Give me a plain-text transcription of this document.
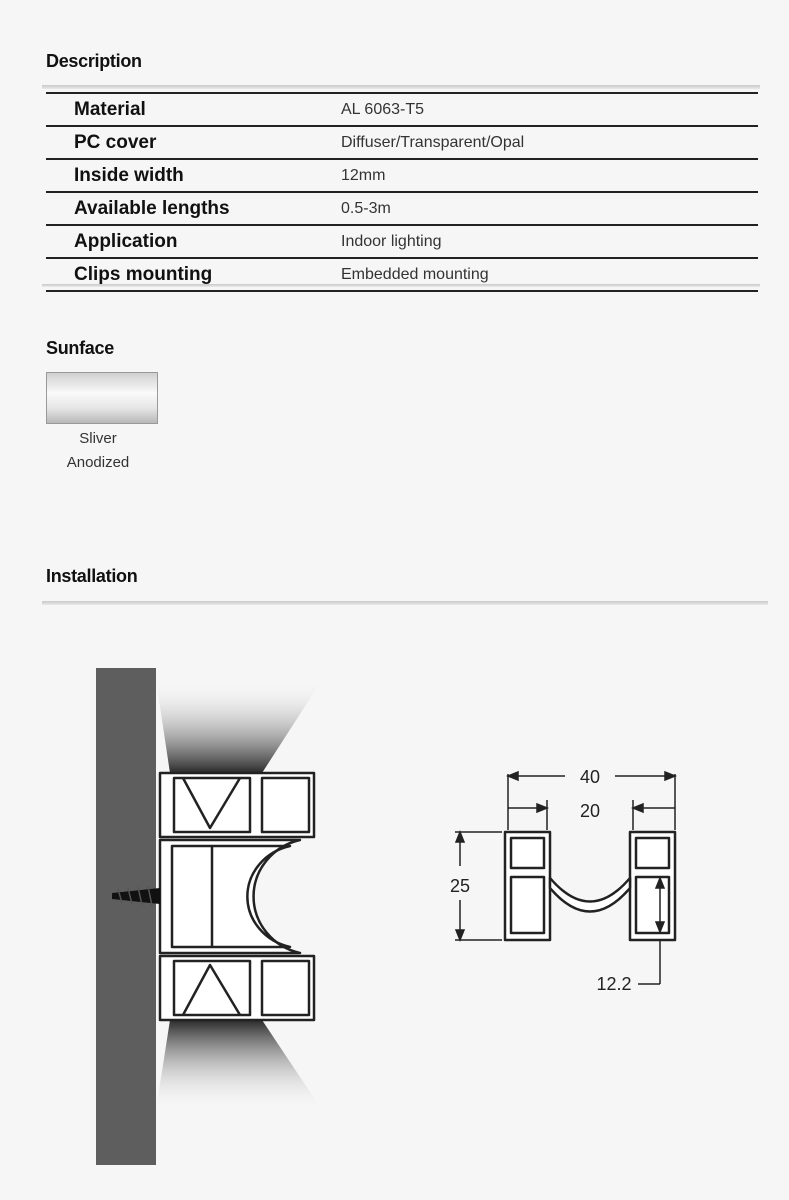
Description
Material	AL 6063-T5
PC cover	Diffuser/Transparent/Opal
Inside width	12mm
Available lengths	0.5-3m
Application	Indoor lighting
Clips mounting	Embedded mounting
Sunface
Sliver
Anodized
Installation
40
20
25
12.2
